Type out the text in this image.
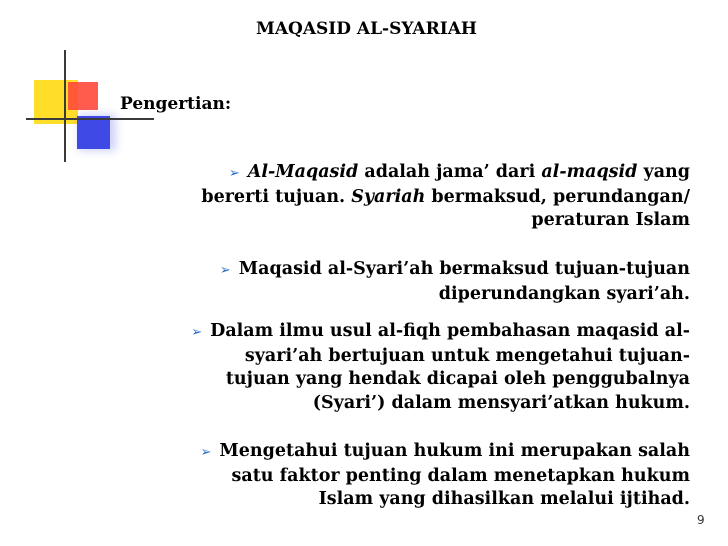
MAQASID AL-SYARIAH
Pengertian:
➢ Al-Maqasid adalah jama’ dari al-maqsid yang
bererti tujuan. Syariah bermaksud, perundangan/
peraturan Islam
➢ Maqasid al-Syari’ah bermaksud tujuan-tujuan
diperundangkan syari’ah.
➢ Dalam ilmu usul al-fiqh pembahasan maqasid al-
syari’ah bertujuan untuk mengetahui tujuan-
tujuan yang hendak dicapai oleh penggubalnya
(Syari’) dalam mensyari’atkan hukum.
➢ Mengetahui tujuan hukum ini merupakan salah
satu faktor penting dalam menetapkan hukum
Islam yang dihasilkan melalui ijtihad.
9
